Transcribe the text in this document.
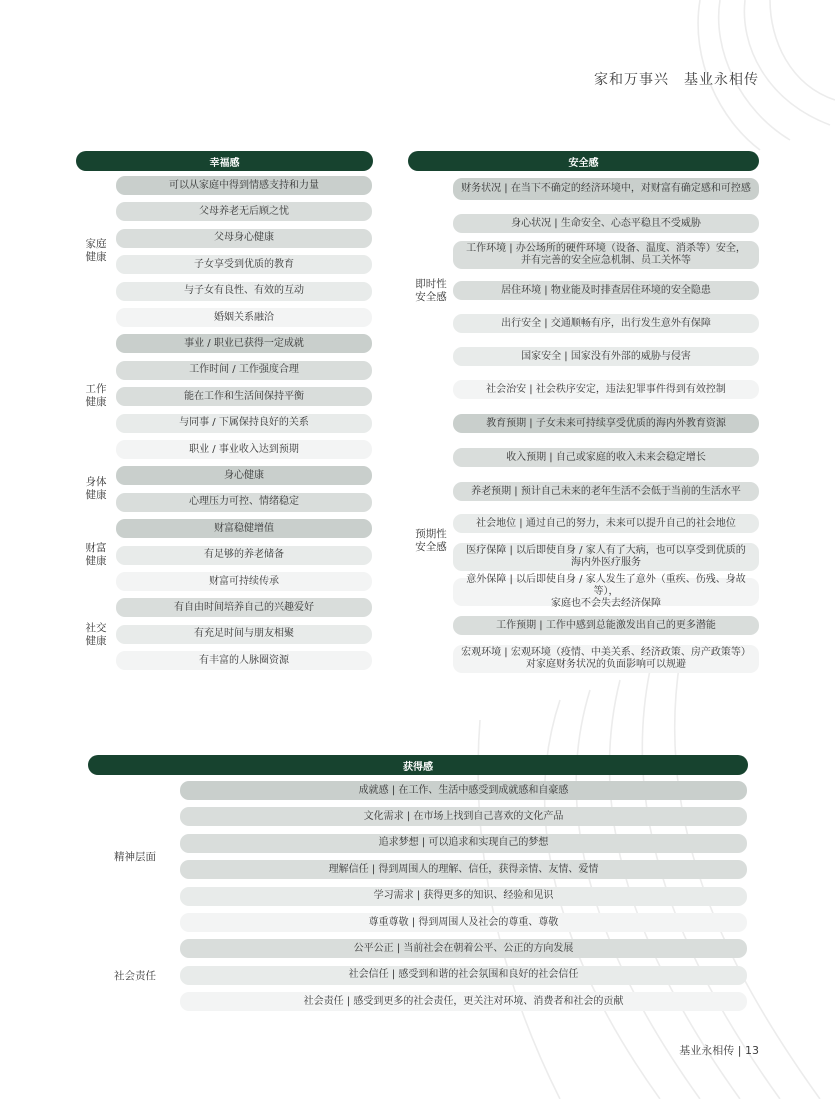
家和万事兴　基业永相传
幸福感
家庭
健康
工作
健康
身体
健康
财富
健康
社交
健康
可以从家庭中得到情感支持和力量
父母养老无后顾之忧
父母身心健康
子女享受到优质的教育
与子女有良性、有效的互动
婚姻关系融洽
事业 / 职业已获得一定成就
工作时间 / 工作强度合理
能在工作和生活间保持平衡
与同事 / 下属保持良好的关系
职业 / 事业收入达到预期
身心健康
心理压力可控、情绪稳定
财富稳健增值
有足够的养老储备
财富可持续传承
有自由时间培养自己的兴趣爱好
有充足时间与朋友相聚
有丰富的人脉圈资源
安全感
即时性
安全感
预期性
安全感
财务状况 | 在当下不确定的经济环境中，对财富有确定感和可控感
身心状况 | 生命安全、心态平稳且不受威胁
工作环境 | 办公场所的硬件环境（设备、温度、消杀等）安全，
并有完善的安全应急机制、员工关怀等
居住环境 | 物业能及时排查居住环境的安全隐患
出行安全 | 交通顺畅有序，出行发生意外有保障
国家安全 | 国家没有外部的威胁与侵害
社会治安 | 社会秩序安定，违法犯罪事件得到有效控制
教育预期 | 子女未来可持续享受优质的海内外教育资源
收入预期 | 自己或家庭的收入未来会稳定增长
养老预期 | 预计自己未来的老年生活不会低于当前的生活水平
社会地位 | 通过自己的努力，未来可以提升自己的社会地位
医疗保障 | 以后即使自身 / 家人有了大病，也可以享受到优质的
海内外医疗服务
意外保障 | 以后即使自身 / 家人发生了意外（重疾、伤残、身故等），
家庭也不会失去经济保障
工作预期 | 工作中感到总能激发出自己的更多潜能
宏观环境 | 宏观环境（疫情、中美关系、经济政策、房产政策等）
对家庭财务状况的负面影响可以规避
获得感
精神层面
社会责任
成就感 | 在工作、生活中感受到成就感和自豪感
文化需求 | 在市场上找到自己喜欢的文化产品
追求梦想 | 可以追求和实现自己的梦想
理解信任 | 得到周围人的理解、信任，获得亲情、友情、爱情
学习需求 | 获得更多的知识、经验和见识
尊重尊敬 | 得到周围人及社会的尊重、尊敬
公平公正 | 当前社会在朝着公平、公正的方向发展
社会信任 | 感受到和谐的社会氛围和良好的社会信任
社会责任 | 感受到更多的社会责任，更关注对环境、消费者和社会的贡献
基业永相传 | 13
